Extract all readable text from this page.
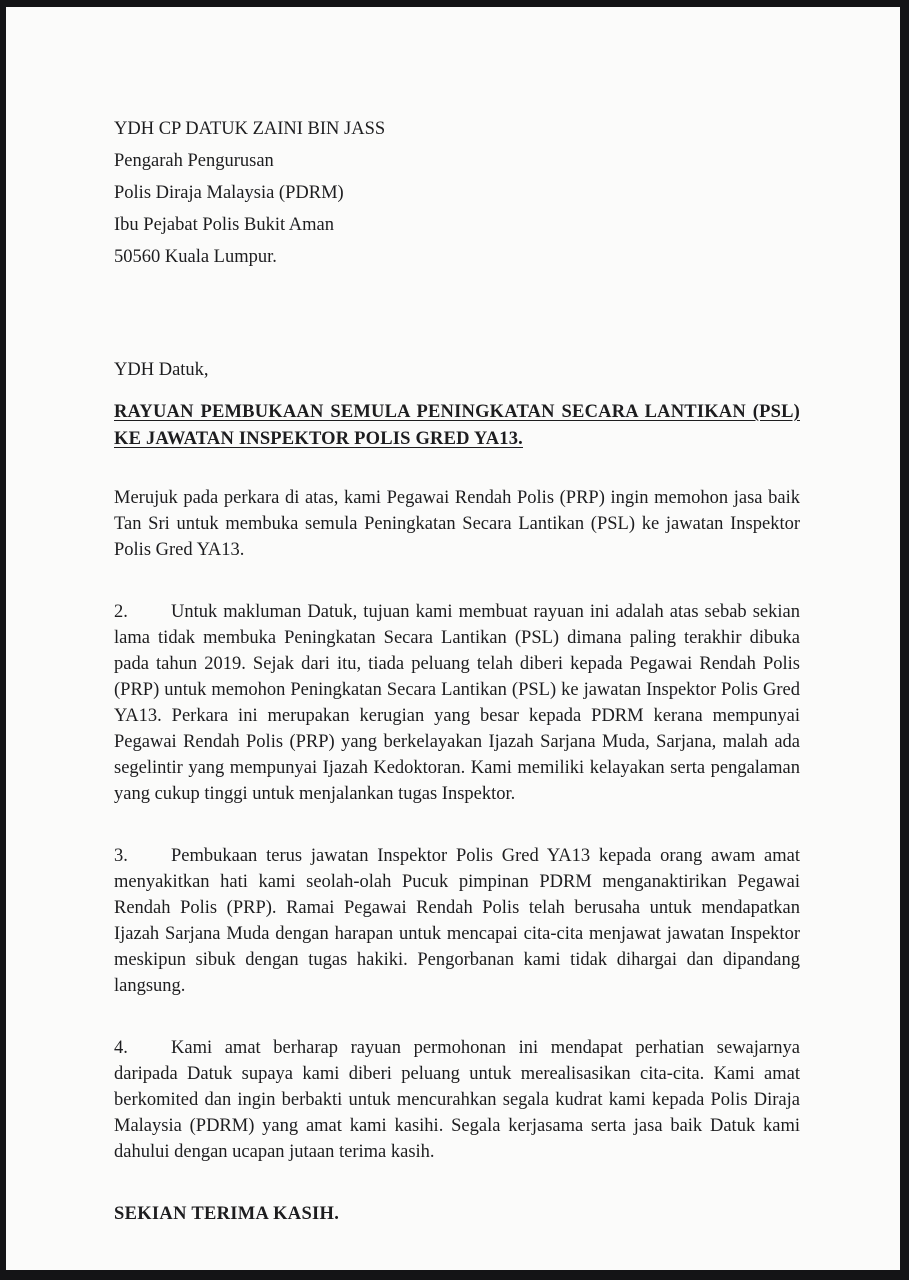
YDH CP DATUK ZAINI BIN JASS
Pengarah Pengurusan
Polis Diraja Malaysia (PDRM)
Ibu Pejabat Polis Bukit Aman
50560 Kuala Lumpur.

YDH Datuk,

RAYUAN PEMBUKAAN SEMULA PENINGKATAN SECARA LANTIKAN (PSL) KE JAWATAN INSPEKTOR POLIS GRED YA13.

Merujuk pada perkara di atas, kami Pegawai Rendah Polis (PRP) ingin memohon jasa baik Tan Sri untuk membuka semula Peningkatan Secara Lantikan (PSL) ke jawatan Inspektor Polis Gred YA13.

2. Untuk makluman Datuk, tujuan kami membuat rayuan ini adalah atas sebab sekian lama tidak membuka Peningkatan Secara Lantikan (PSL) dimana paling terakhir dibuka pada tahun 2019. Sejak dari itu, tiada peluang telah diberi kepada Pegawai Rendah Polis (PRP) untuk memohon Peningkatan Secara Lantikan (PSL) ke jawatan Inspektor Polis Gred YA13. Perkara ini merupakan kerugian yang besar kepada PDRM kerana mempunyai Pegawai Rendah Polis (PRP) yang berkelayakan Ijazah Sarjana Muda, Sarjana, malah ada segelintir yang mempunyai Ijazah Kedoktoran. Kami memiliki kelayakan serta pengalaman yang cukup tinggi untuk menjalankan tugas Inspektor.

3. Pembukaan terus jawatan Inspektor Polis Gred YA13 kepada orang awam amat menyakitkan hati kami seolah-olah Pucuk pimpinan PDRM menganaktirikan Pegawai Rendah Polis (PRP). Ramai Pegawai Rendah Polis telah berusaha untuk mendapatkan Ijazah Sarjana Muda dengan harapan untuk mencapai cita-cita menjawat jawatan Inspektor meskipun sibuk dengan tugas hakiki. Pengorbanan kami tidak dihargai dan dipandang langsung.

4. Kami amat berharap rayuan permohonan ini mendapat perhatian sewajarnya daripada Datuk supaya kami diberi peluang untuk merealisasikan cita-cita. Kami amat berkomited dan ingin berbakti untuk mencurahkan segala kudrat kami kepada Polis Diraja Malaysia (PDRM) yang amat kami kasihi. Segala kerjasama serta jasa baik Datuk kami dahului dengan ucapan jutaan terima kasih.

SEKIAN TERIMA KASIH.
